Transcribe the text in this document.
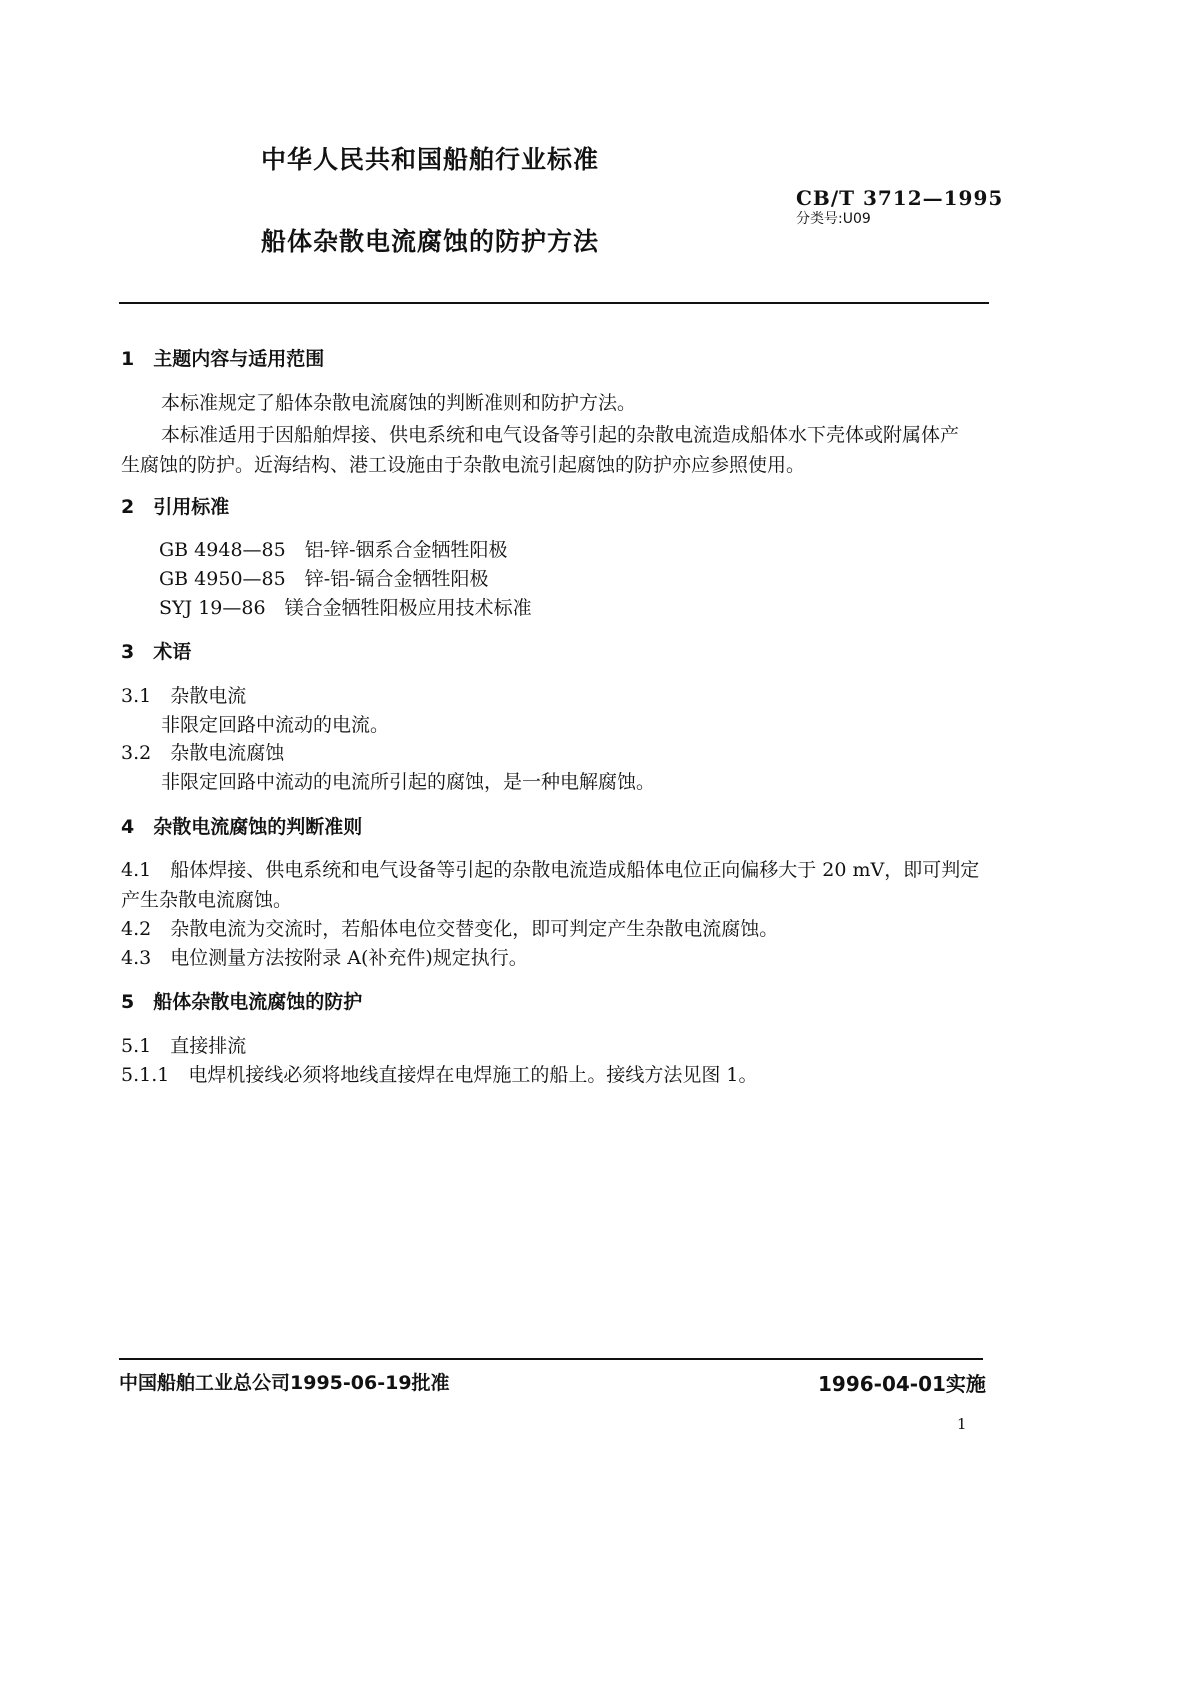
中华人民共和国船舶行业标准
CB/T 3712—1995
分类号:U09
船体杂散电流腐蚀的防护方法
1　主题内容与适用范围
本标准规定了船体杂散电流腐蚀的判断准则和防护方法。
本标准适用于因船舶焊接、供电系统和电气设备等引起的杂散电流造成船体水下壳体或附属体产
生腐蚀的防护。近海结构、港工设施由于杂散电流引起腐蚀的防护亦应参照使用。
2　引用标准
GB 4948—85　铝-锌-铟系合金牺牲阳极
GB 4950—85　锌-铝-镉合金牺牲阳极
SYJ 19—86　镁合金牺牲阳极应用技术标准
3　术语
3.1　杂散电流
非限定回路中流动的电流。
3.2　杂散电流腐蚀
非限定回路中流动的电流所引起的腐蚀，是一种电解腐蚀。
4　杂散电流腐蚀的判断准则
4.1　船体焊接、供电系统和电气设备等引起的杂散电流造成船体电位正向偏移大于 20 mV，即可判定
产生杂散电流腐蚀。
4.2　杂散电流为交流时，若船体电位交替变化，即可判定产生杂散电流腐蚀。
4.3　电位测量方法按附录 A(补充件)规定执行。
5　船体杂散电流腐蚀的防护
5.1　直接排流
5.1.1　电焊机接线必须将地线直接焊在电焊施工的船上。接线方法见图 1。
中国船舶工业总公司1995-06-19批准	1996-04-01实施
1
